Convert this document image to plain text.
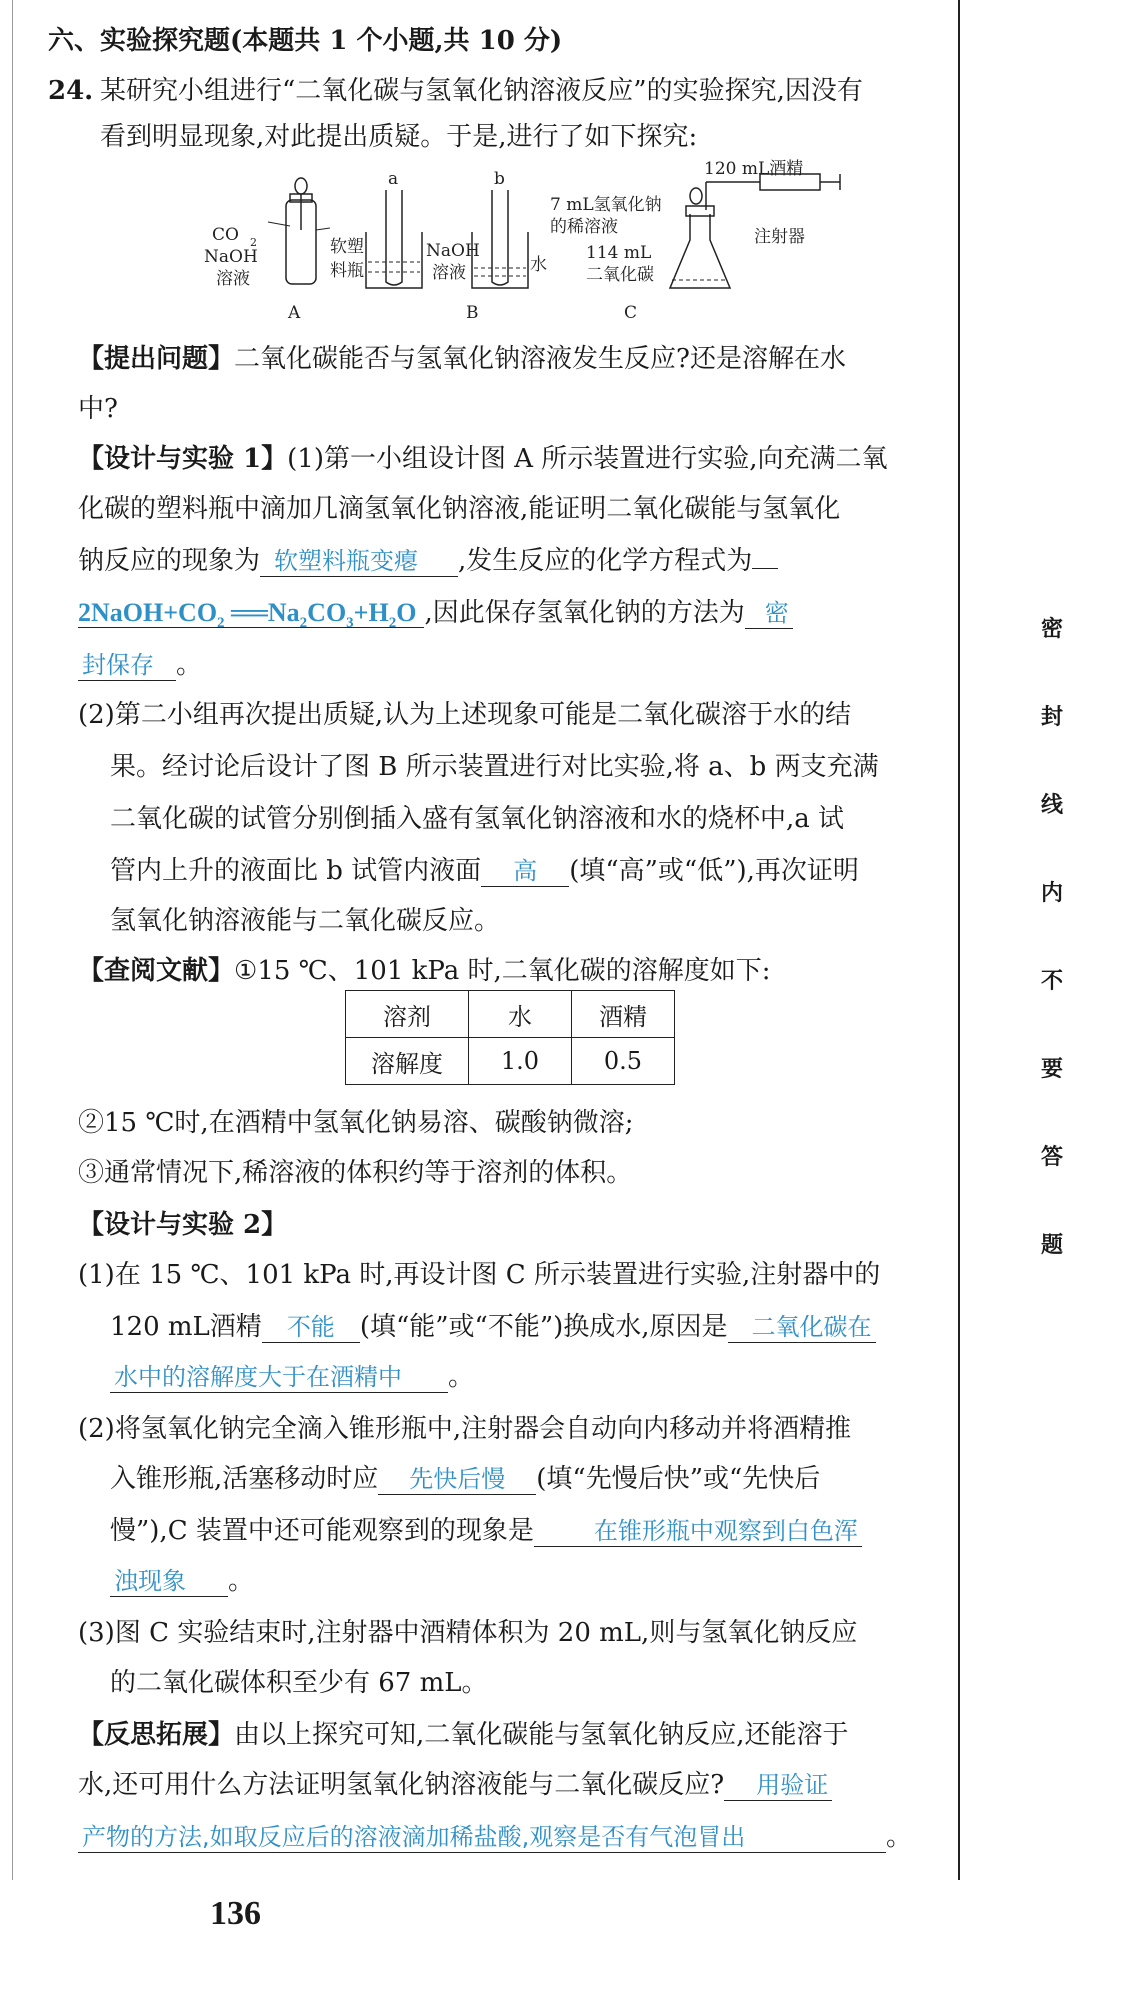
六、实验探究题(本题共 1 个小题,共 10 分)
24. 某研究小组进行“二氧化碳与氢氧化钠溶液反应”的实验探究,因没有
看到明显现象,对此提出质疑。于是,进行了如下探究:
CO 2
NaOH
溶液
软塑
料瓶
A
a
NaOH
溶液
B
b
水
120 mL酒精
7 mL氢氧化钠
的稀溶液
114 mL
二氧化碳
注射器
C
【提出问题】二氧化碳能否与氢氧化钠溶液发生反应?还是溶解在水
中?
【设计与实验 1】(1)第一小组设计图 A 所示装置进行实验,向充满二氧
化碳的塑料瓶中滴加几滴氢氧化钠溶液,能证明二氧化碳能与氢氧化
钠反应的现象为 软塑料瓶变瘪 ,发生反应的化学方程式为
$2NaOH+CO_2$ $══Na_2CO_3+H_2O$ ,因此保存氢氧化钠的方法为 密
封保存 。
(2)第二小组再次提出质疑,认为上述现象可能是二氧化碳溶于水的结
果。经讨论后设计了图 B 所示装置进行对比实验,将 a、b 两支充满
二氧化碳的试管分别倒插入盛有氢氧化钠溶液和水的烧杯中,a 试
管内上升的液面比 b 试管内液面 高 (填“高”或“低”),再次证明
氢氧化钠溶液能与二氧化碳反应。
【查阅文献】①15 ℃、101 kPa 时,二氧化碳的溶解度如下:
溶剂	水	酒精
溶解度	1.0	0.5
②15 ℃时,在酒精中氢氧化钠易溶、碳酸钠微溶;
③通常情况下,稀溶液的体积约等于溶剂的体积。
【设计与实验 2】
(1)在 15 ℃、101 kPa 时,再设计图 C 所示装置进行实验,注射器中的
120 mL酒精 不能 (填“能”或“不能”)换成水,原因是 二氧化碳在
水中的溶解度大于在酒精中 。
(2)将氢氧化钠完全滴入锥形瓶中,注射器会自动向内移动并将酒精推
入锥形瓶,活塞移动时应 先快后慢 (填“先慢后快”或“先快后
慢”),C 装置中还可能观察到的现象是	在锥形瓶中观察到白色浑
浊现象 。
(3)图 C 实验结束时,注射器中酒精体积为 20 mL,则与氢氧化钠反应
的二氧化碳体积至少有 67 mL。
【反思拓展】由以上探究可知,二氧化碳能与氢氧化钠反应,还能溶于
水,还可用什么方法证明氢氧化钠溶液能与二氧化碳反应? 用验证
产物的方法,如取反应后的溶液滴加稀盐酸,观察是否有气泡冒出	。
密
封
线
内
不
要
答
题
136
